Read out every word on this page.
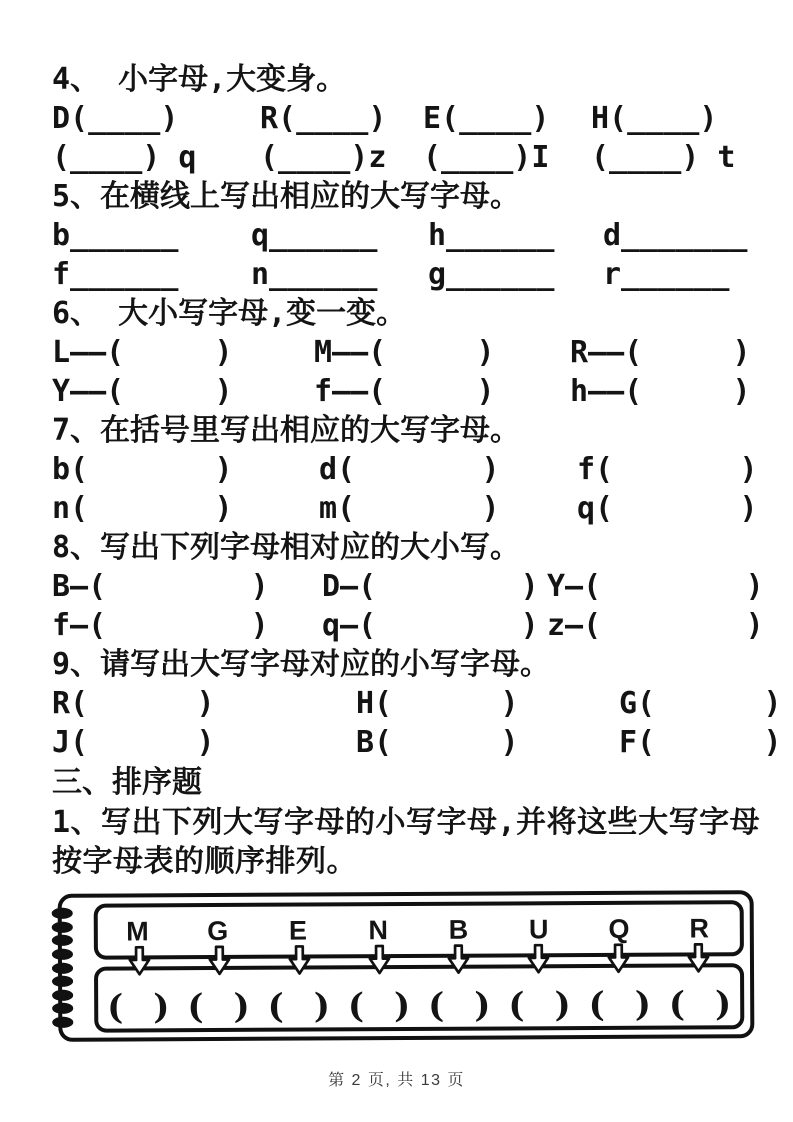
4、 小字母,大变身。
D(____)	R(____)	E(____)	H(____)
(____) q	(____)z	(____)I	(____) t
5、在横线上写出相应的大写字母。
b______	q______	h______	d_______
f______	n______	g______	r______
6、 大小写字母,变一变。
L——(     )	M——(     )	R——(     )
Y——(     )	f——(     )	h——(     )
7、在括号里写出相应的大写字母。
b(       )	d(       )	f(       )
n(       )	m(       )	q(       )
8、写出下列字母相对应的大小写。
B—(        )	D—(        ) Y—(        )
f—(        )	q—(        ) z—(        )
9、请写出大写字母对应的小写字母。
R(      )	H(      )	G(      )
J(      )	B(      )	F(      )
三、排序题

1、写出下列大写字母的小写字母,并将这些大写字母按字母表的顺序排列。

M G E N B U Q R
( ) ( ) ( ) ( ) ( ) ( ) ( ) ( )
第 2 页, 共 13 页
